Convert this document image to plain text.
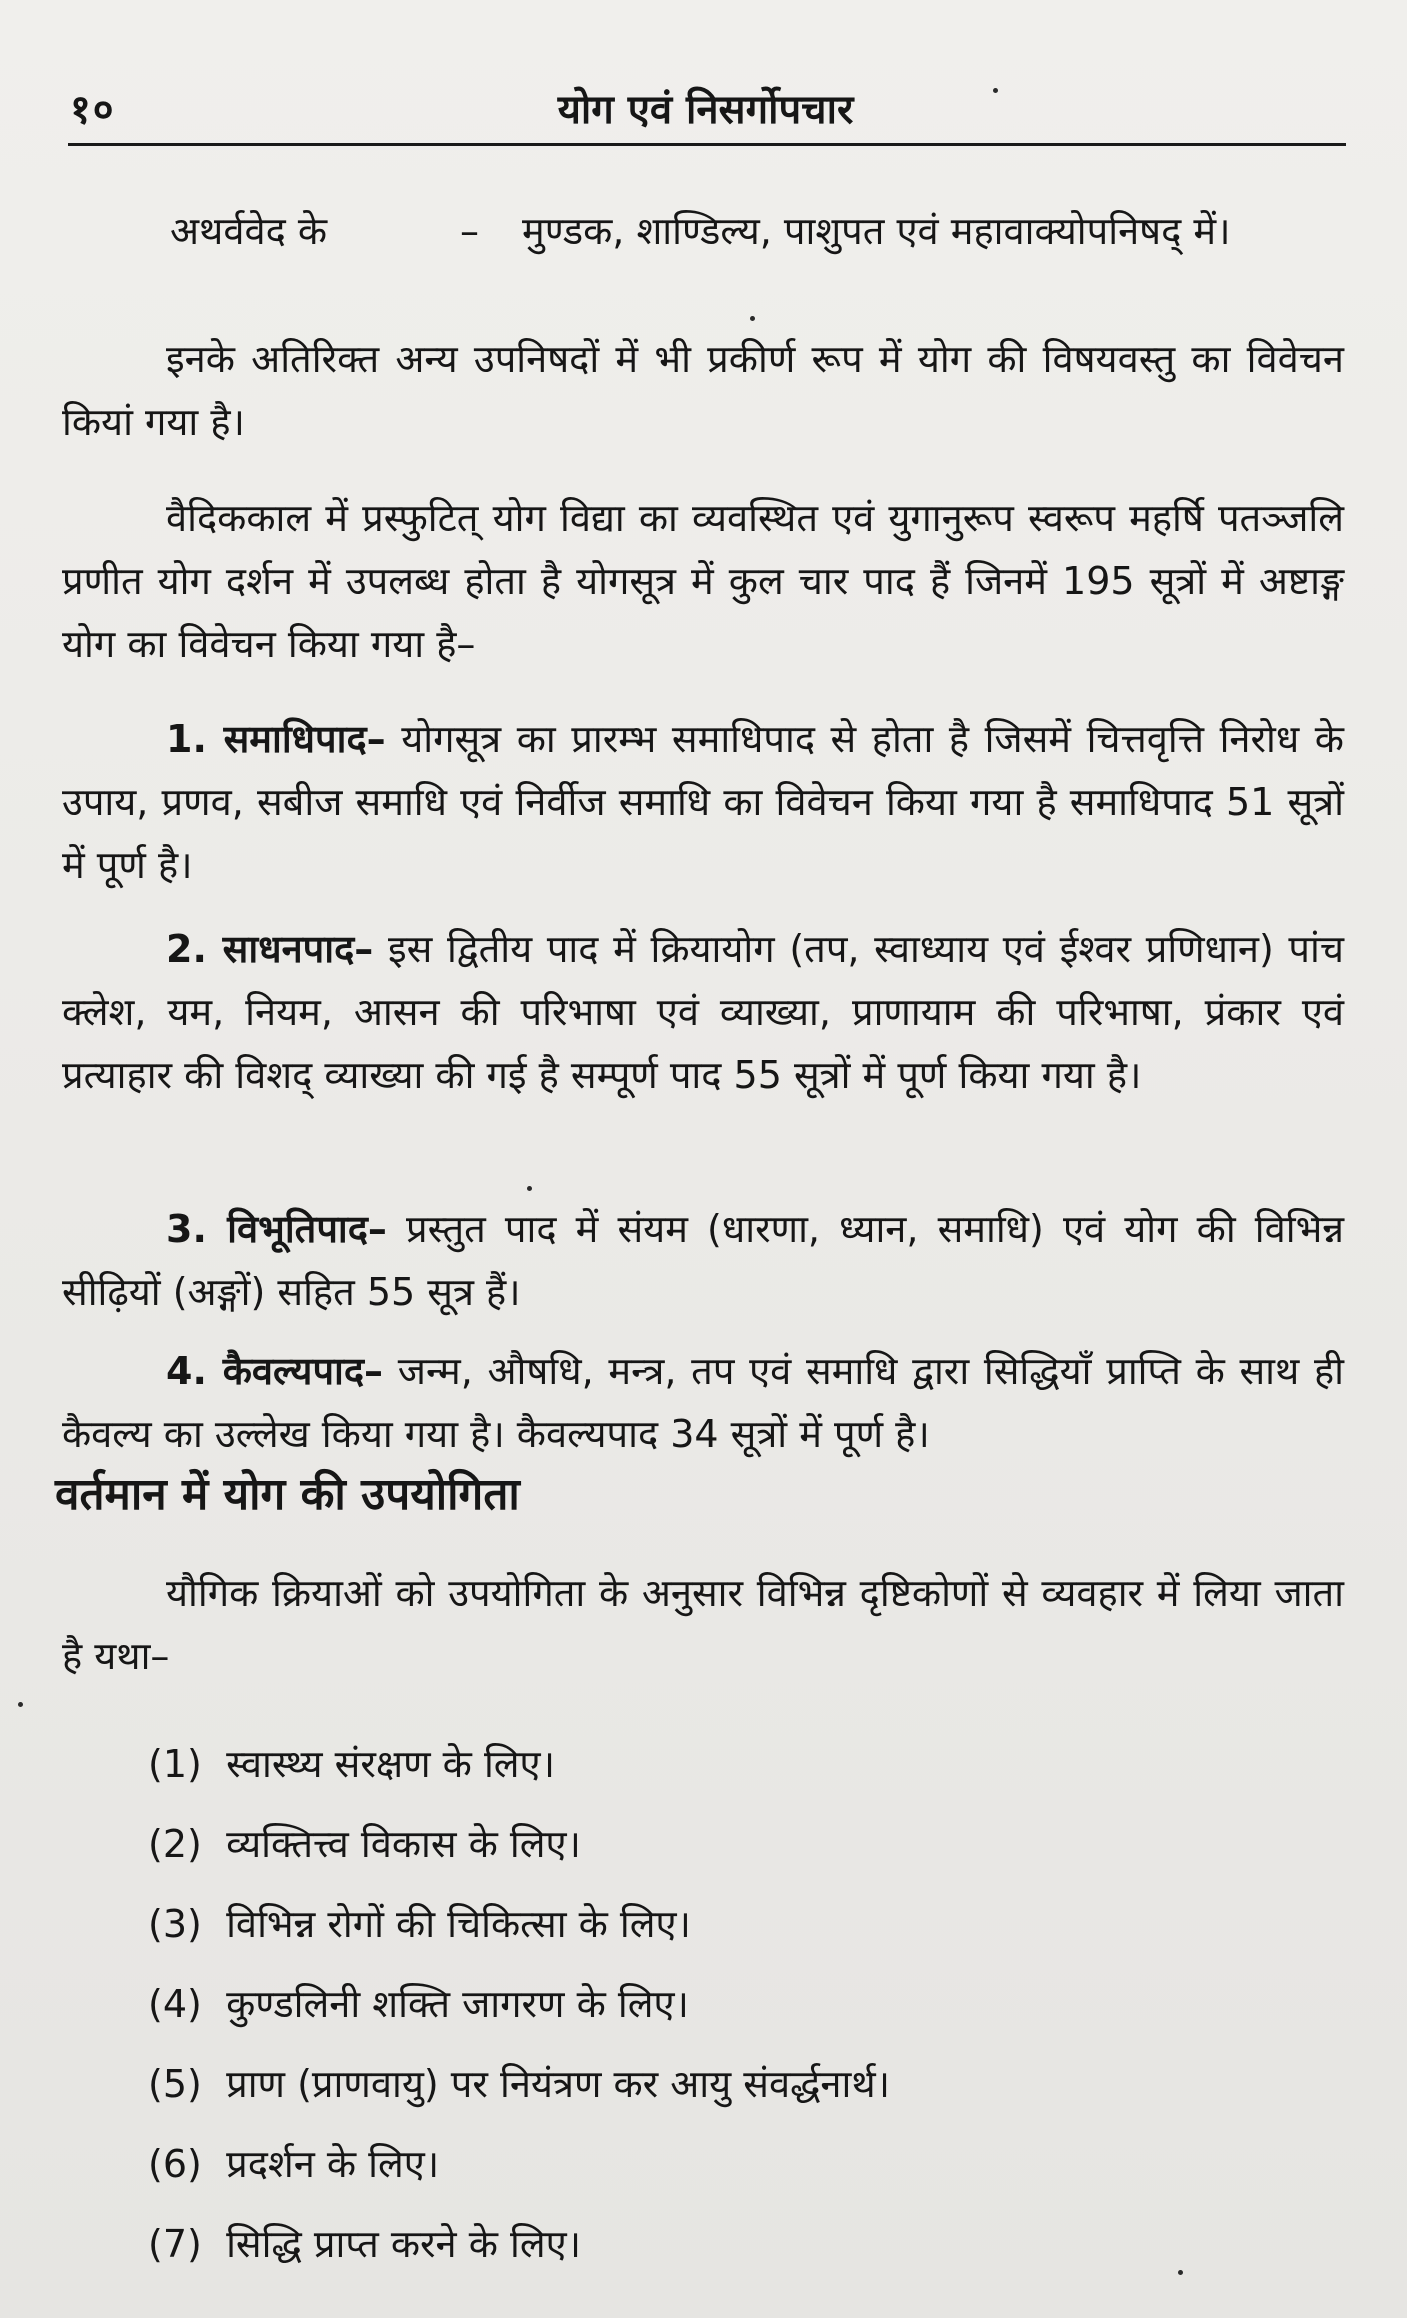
१०	योग एवं निसर्गोपचार
अथर्ववेद के	– मुण्डक, शाण्डिल्य, पाशुपत एवं महावाक्योपनिषद् में।

इनके अतिरिक्त अन्य उपनिषदों में भी प्रकीर्ण रूप में योग की विषयवस्तु का विवेचन कियां गया है।

वैदिककाल में प्रस्फुटित् योग विद्या का व्यवस्थित एवं युगानुरूप स्वरूप महर्षि पतञ्जलि प्रणीत योग दर्शन में उपलब्ध होता है योगसूत्र में कुल चार पाद हैं जिनमें 195 सूत्रों में अष्टाङ्ग योग का विवेचन किया गया है–

1. समाधिपाद– योगसूत्र का प्रारम्भ समाधिपाद से होता है जिसमें चित्तवृत्ति निरोध के उपाय, प्रणव, सबीज समाधि एवं निर्वीज समाधि का विवेचन किया गया है समाधिपाद 51 सूत्रों में पूर्ण है।

2. साधनपाद– इस द्वितीय पाद में क्रियायोग (तप, स्वाध्याय एवं ईश्वर प्रणिधान) पांच क्लेश, यम, नियम, आसन की परिभाषा एवं व्याख्या, प्राणायाम की परिभाषा, प्रंकार एवं प्रत्याहार की विशद् व्याख्या की गई है सम्पूर्ण पाद 55 सूत्रों में पूर्ण किया गया है।

3. विभूतिपाद– प्रस्तुत पाद में संयम (धारणा, ध्यान, समाधि) एवं योग की विभिन्न सीढ़ियों (अङ्गों) सहित 55 सूत्र हैं।

4. कैवल्यपाद– जन्म, औषधि, मन्त्र, तप एवं समाधि द्वारा सिद्धियाँ प्राप्ति के साथ ही कैवल्य का उल्लेख किया गया है। कैवल्यपाद 34 सूत्रों में पूर्ण है।

वर्तमान में योग की उपयोगिता

यौगिक क्रियाओं को उपयोगिता के अनुसार विभिन्न दृष्टिकोणों से व्यवहार में लिया जाता है यथा–

(1) स्वास्थ्य संरक्षण के लिए।
(2) व्यक्तित्त्व विकास के लिए।
(3) विभिन्न रोगों की चिकित्सा के लिए।
(4) कुण्डलिनी शक्ति जागरण के लिए।
(5) प्राण (प्राणवायु) पर नियंत्रण कर आयु संवर्द्धनार्थ।
(6) प्रदर्शन के लिए।
(7) सिद्धि प्राप्त करने के लिए।
